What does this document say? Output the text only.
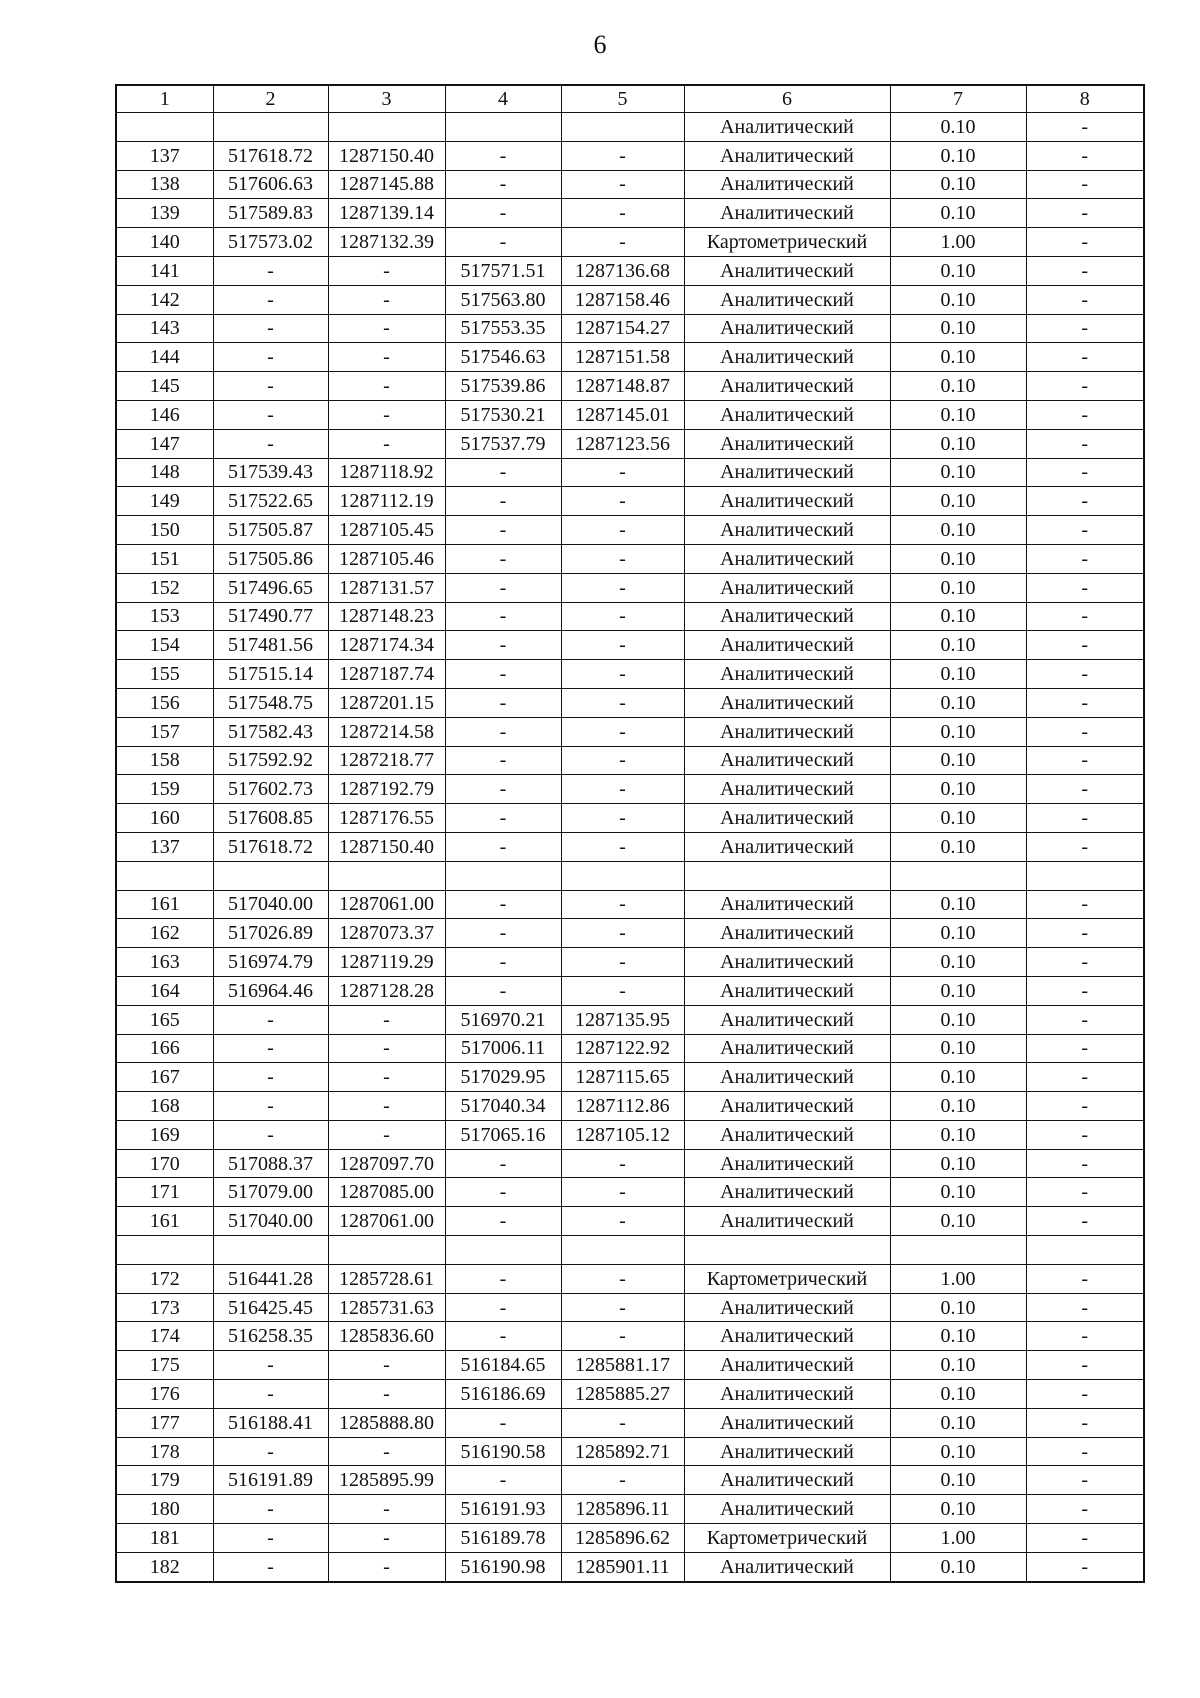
6
1	2	3	4	5	6	7	8
					Аналитический	0.10	-
137	517618.72	1287150.40	-	-	Аналитический	0.10	-
138	517606.63	1287145.88	-	-	Аналитический	0.10	-
139	517589.83	1287139.14	-	-	Аналитический	0.10	-
140	517573.02	1287132.39	-	-	Картометрический	1.00	-
141	-	-	517571.51	1287136.68	Аналитический	0.10	-
142	-	-	517563.80	1287158.46	Аналитический	0.10	-
143	-	-	517553.35	1287154.27	Аналитический	0.10	-
144	-	-	517546.63	1287151.58	Аналитический	0.10	-
145	-	-	517539.86	1287148.87	Аналитический	0.10	-
146	-	-	517530.21	1287145.01	Аналитический	0.10	-
147	-	-	517537.79	1287123.56	Аналитический	0.10	-
148	517539.43	1287118.92	-	-	Аналитический	0.10	-
149	517522.65	1287112.19	-	-	Аналитический	0.10	-
150	517505.87	1287105.45	-	-	Аналитический	0.10	-
151	517505.86	1287105.46	-	-	Аналитический	0.10	-
152	517496.65	1287131.57	-	-	Аналитический	0.10	-
153	517490.77	1287148.23	-	-	Аналитический	0.10	-
154	517481.56	1287174.34	-	-	Аналитический	0.10	-
155	517515.14	1287187.74	-	-	Аналитический	0.10	-
156	517548.75	1287201.15	-	-	Аналитический	0.10	-
157	517582.43	1287214.58	-	-	Аналитический	0.10	-
158	517592.92	1287218.77	-	-	Аналитический	0.10	-
159	517602.73	1287192.79	-	-	Аналитический	0.10	-
160	517608.85	1287176.55	-	-	Аналитический	0.10	-
137	517618.72	1287150.40	-	-	Аналитический	0.10	-

161	517040.00	1287061.00	-	-	Аналитический	0.10	-
162	517026.89	1287073.37	-	-	Аналитический	0.10	-
163	516974.79	1287119.29	-	-	Аналитический	0.10	-
164	516964.46	1287128.28	-	-	Аналитический	0.10	-
165	-	-	516970.21	1287135.95	Аналитический	0.10	-
166	-	-	517006.11	1287122.92	Аналитический	0.10	-
167	-	-	517029.95	1287115.65	Аналитический	0.10	-
168	-	-	517040.34	1287112.86	Аналитический	0.10	-
169	-	-	517065.16	1287105.12	Аналитический	0.10	-
170	517088.37	1287097.70	-	-	Аналитический	0.10	-
171	517079.00	1287085.00	-	-	Аналитический	0.10	-
161	517040.00	1287061.00	-	-	Аналитический	0.10	-

172	516441.28	1285728.61	-	-	Картометрический	1.00	-
173	516425.45	1285731.63	-	-	Аналитический	0.10	-
174	516258.35	1285836.60	-	-	Аналитический	0.10	-
175	-	-	516184.65	1285881.17	Аналитический	0.10	-
176	-	-	516186.69	1285885.27	Аналитический	0.10	-
177	516188.41	1285888.80	-	-	Аналитический	0.10	-
178	-	-	516190.58	1285892.71	Аналитический	0.10	-
179	516191.89	1285895.99	-	-	Аналитический	0.10	-
180	-	-	516191.93	1285896.11	Аналитический	0.10	-
181	-	-	516189.78	1285896.62	Картометрический	1.00	-
182	-	-	516190.98	1285901.11	Аналитический	0.10	-
